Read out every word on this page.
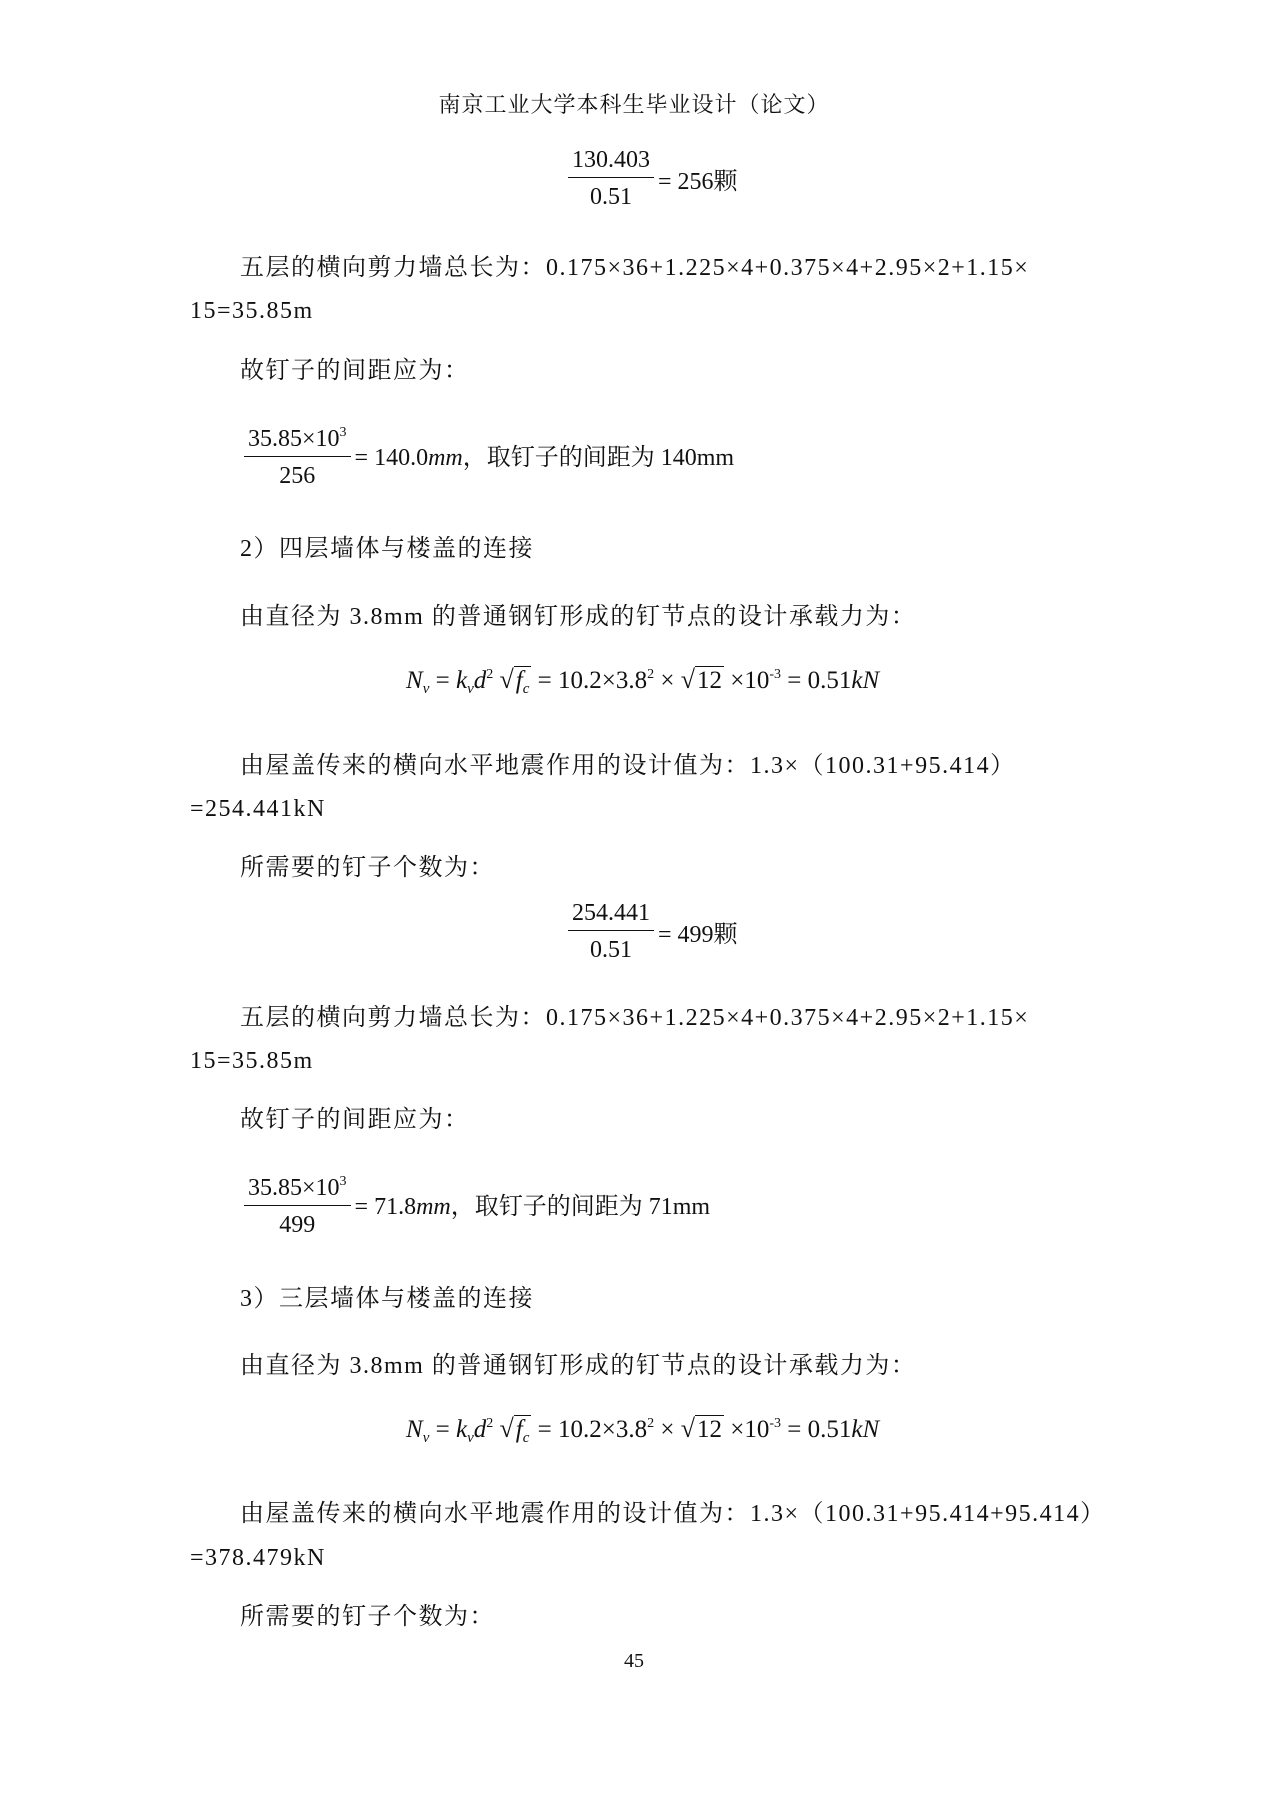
南京工业大学本科生毕业设计（论文）
$\frac{130.403}{0.51} = 256$颗
五层的横向剪力墙总长为：0.175×36+1.225×4+0.375×4+2.95×2+1.15×
15=35.85m
故钉子的间距应为：
$\frac{35.85\times 10^3}{256} = 140.0mm$，取钉子的间距为 140mm
2）四层墙体与楼盖的连接
由直径为 3.8mm 的普通钢钉形成的钉节点的设计承载力为：
$N_v = k_vd^2$ $√f_c = 10.2\times 3.8^2 \times √12 \times 10^{-3} = 0.51kN$
由屋盖传来的横向水平地震作用的设计值为：1.3×（100.31+95.414）
=254.441kN
所需要的钉子个数为：
$\frac{254.441}{0.51} = 499$颗
五层的横向剪力墙总长为：0.175×36+1.225×4+0.375×4+2.95×2+1.15×
15=35.85m
故钉子的间距应为：
$\frac{35.85\times 10^3}{499} = 71.8mm$，取钉子的间距为 71mm
3）三层墙体与楼盖的连接
由直径为 3.8mm 的普通钢钉形成的钉节点的设计承载力为：
$N_v = k_vd^2$ $√f_c = 10.2\times 3.8^2 \times √12 \times 10^{-3} = 0.51kN$
由屋盖传来的横向水平地震作用的设计值为：1.3×（100.31+95.414+95.414）
=378.479kN
所需要的钉子个数为：
45
